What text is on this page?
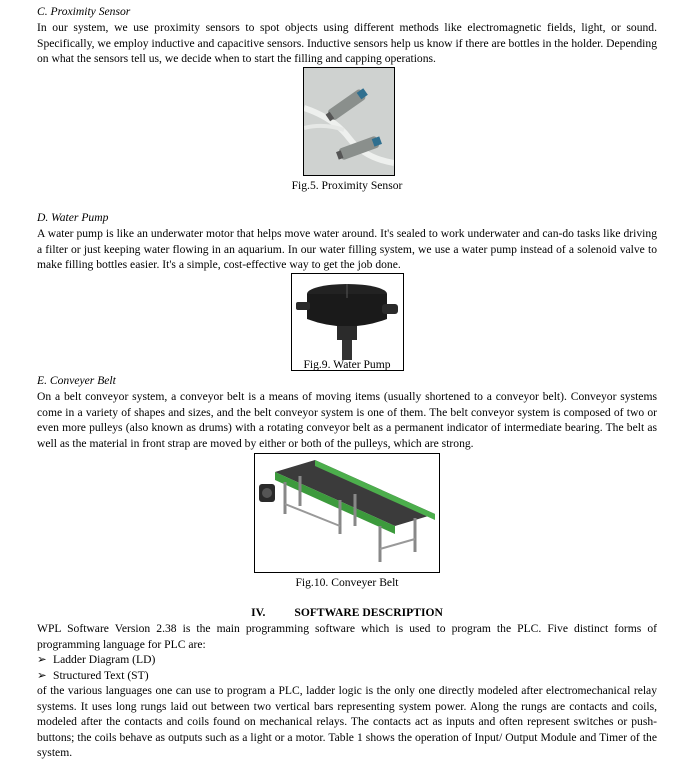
C. Proximity Sensor
In our system, we use proximity sensors to spot objects using different methods like electromagnetic fields, light, or sound. Specifically, we employ inductive and capacitive sensors. Inductive sensors help us know if there are bottles in the holder. Depending on what the sensors tell us, we decide when to start the filling and capping operations.
Fig.5. Proximity Sensor
D. Water Pump
A water pump is like an underwater motor that helps move water around. It's sealed to work underwater and can-do tasks like driving a filter or just keeping water flowing in an aquarium. In our water filling system, we use a water pump instead of a solenoid valve to make filling bottles easier. It's a simple, cost-effective way to get the job done.
Fig.9. Water Pump
E. Conveyer Belt
On a belt conveyor system, a conveyor belt is a means of moving items (usually shortened to a conveyor belt). Conveyor systems come in a variety of shapes and sizes, and the belt conveyor system is one of them. The belt conveyor system is composed of two or even more pulleys (also known as drums) with a rotating conveyor belt as a permanent indicator of intermediate bearing. The belt as well as the material in front strap are moved by either or both of the pulleys, which are strong.
Fig.10. Conveyer Belt
IV.          SOFTWARE DESCRIPTION
WPL Software Version 2.38 is the main programming software which is used to program the PLC. Five distinct forms of programming language for PLC are:
➢ Ladder Diagram (LD)
➢ Structured Text (ST)
of the various languages one can use to program a PLC, ladder logic is the only one directly modeled after electromechanical relay systems. It uses long rungs laid out between two vertical bars representing system power. Along the rungs are contacts and coils, modeled after the contacts and coils found on mechanical relays. The contacts act as inputs and often represent switches or push-buttons; the coils behave as outputs such as a light or a motor. Table 1 shows the operation of Input/ Output Module and Timer of the system.
